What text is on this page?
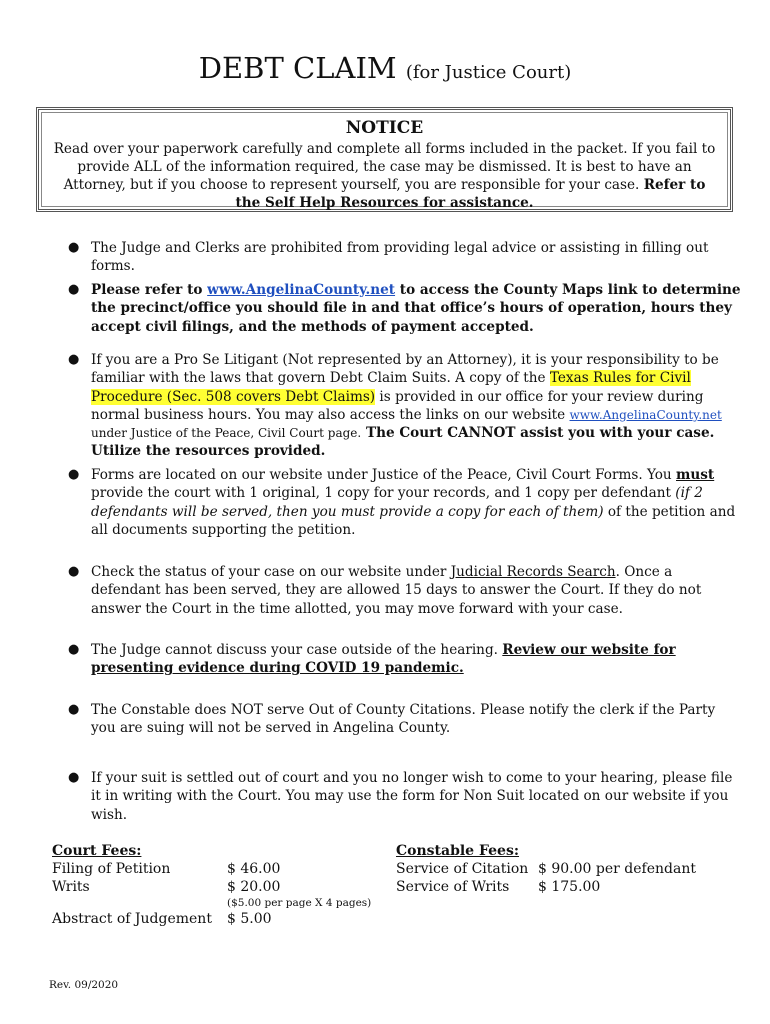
DEBT CLAIM (for Justice Court)
NOTICE
Read over your paperwork carefully and complete all forms included in the packet. If you fail to provide ALL of the information required, the case may be dismissed. It is best to have an Attorney, but if you choose to represent yourself, you are responsible for your case. Refer to the Self Help Resources for assistance.
● The Judge and Clerks are prohibited from providing legal advice or assisting in filling out forms.
● Please refer to www.AngelinaCounty.net to access the County Maps link to determine the precinct/office you should file in and that office’s hours of operation, hours they accept civil filings, and the methods of payment accepted.
● If you are a Pro Se Litigant (Not represented by an Attorney), it is your responsibility to be familiar with the laws that govern Debt Claim Suits. A copy of the Texas Rules for Civil Procedure (Sec. 508 covers Debt Claims) is provided in our office for your review during normal business hours. You may also access the links on our website www.AngelinaCounty.net under Justice of the Peace, Civil Court page. The Court CANNOT assist you with your case. Utilize the resources provided.
● Forms are located on our website under Justice of the Peace, Civil Court Forms. You must provide the court with 1 original, 1 copy for your records, and 1 copy per defendant (if 2 defendants will be served, then you must provide a copy for each of them) of the petition and all documents supporting the petition.
● Check the status of your case on our website under Judicial Records Search. Once a defendant has been served, they are allowed 15 days to answer the Court. If they do not answer the Court in the time allotted, you may move forward with your case.
● The Judge cannot discuss your case outside of the hearing. Review our website for presenting evidence during COVID 19 pandemic.
● The Constable does NOT serve Out of County Citations. Please notify the clerk if the Party you are suing will not be served in Angelina County.
● If your suit is settled out of court and you no longer wish to come to your hearing, please file it in writing with the Court. You may use the form for Non Suit located on our website if you wish.
Court Fees:
Filing of Petition	$ 46.00
Writs	$ 20.00
($5.00 per page X 4 pages)
Abstract of Judgement $ 5.00
Constable Fees:
Service of Citation $ 90.00 per defendant
Service of Writs $ 175.00
Rev. 09/2020
